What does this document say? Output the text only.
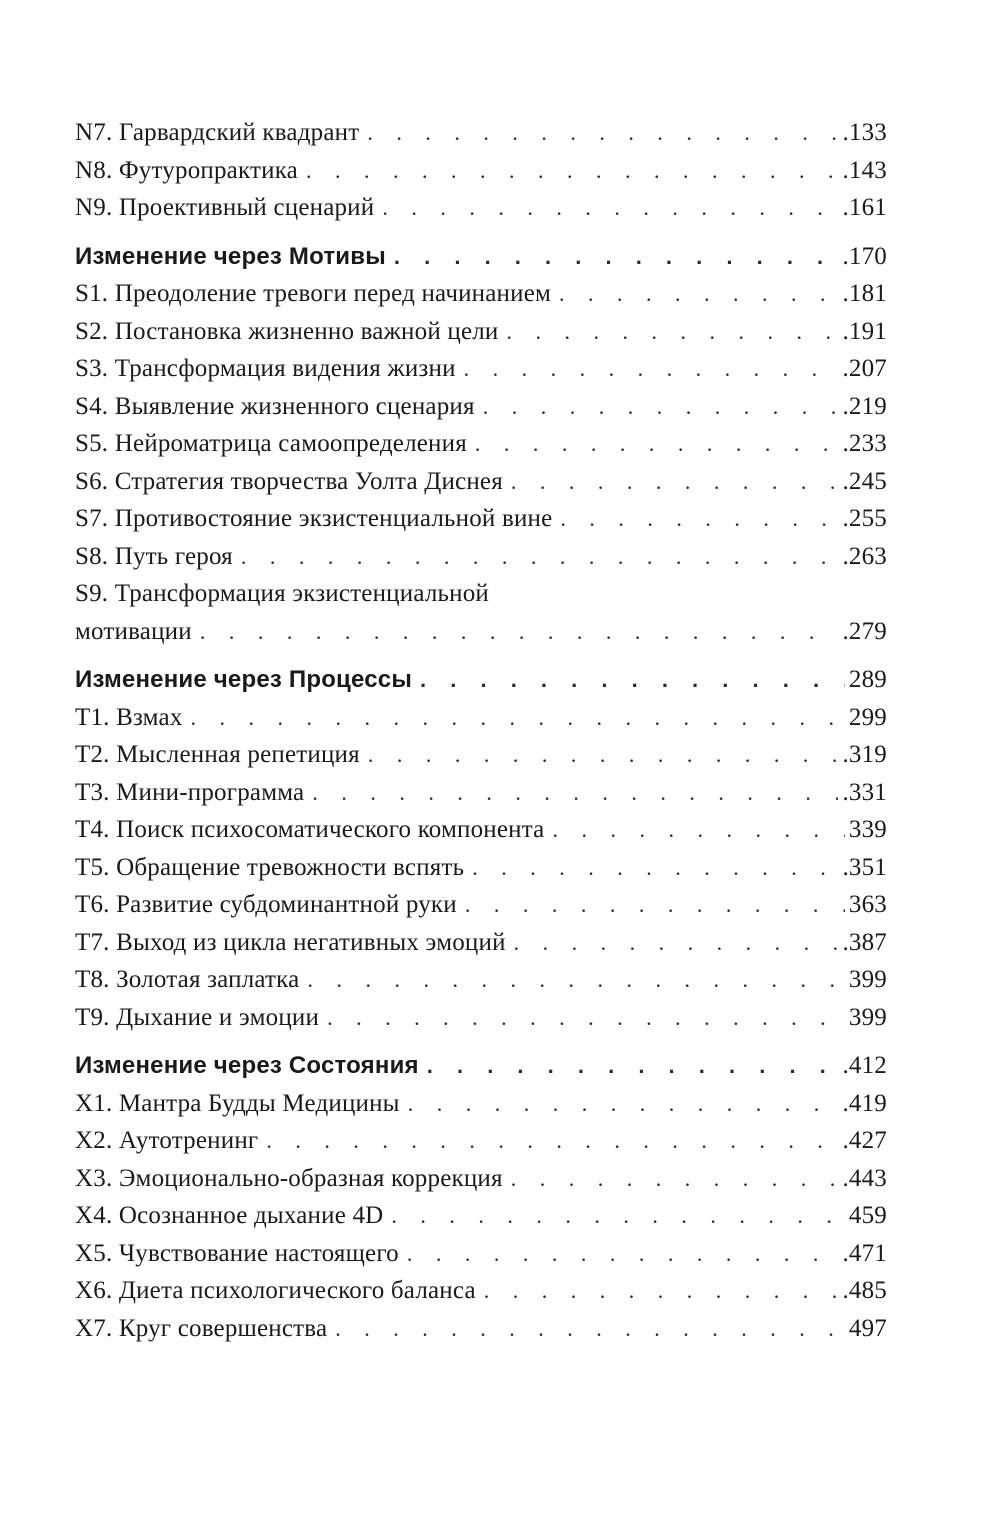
N7. Гарвардский квадрант . . .	.133
N8. Футуропрактика . . .	.143
N9. Проективный сценарий . . .	.161
Изменение через Мотивы . . .	.170
S1. Преодоление тревоги перед начинанием . . .	.181
S2. Постановка жизненно важной цели . . .	.191
S3. Трансформация видения жизни . . .	.207
S4. Выявление жизненного сценария . . .	.219
S5. Нейроматрица самоопределения . . .	.233
S6. Стратегия творчества Уолта Диснея . . .	.245
S7. Противостояние экзистенциальной вине . . .	.255
S8. Путь героя . . .	.263
S9. Трансформация экзистенциальной
мотивации . . .	.279
Изменение через Процессы . . .	289
T1. Взмах . . .	299
T2. Мысленная репетиция . . .	.319
T3. Мини-программа . . .	.331
T4. Поиск психосоматического компонента . . .	339
T5. Обращение тревожности вспять . . .	.351
T6. Развитие субдоминантной руки . . .	363
T7. Выход из цикла негативных эмоций . . .	.387
T8. Золотая заплатка . . .	399
T9. Дыхание и эмоции . . .	399
Изменение через Состояния . . .	.412
X1. Мантра Будды Медицины . . .	.419
X2. Аутотренинг . . .	.427
X3. Эмоционально-образная коррекция . . .	.443
X4. Осознанное дыхание 4D . . .	459
X5. Чувствование настоящего . . .	.471
X6. Диета психологического баланса . . .	.485
X7. Круг совершенства . . .	497
